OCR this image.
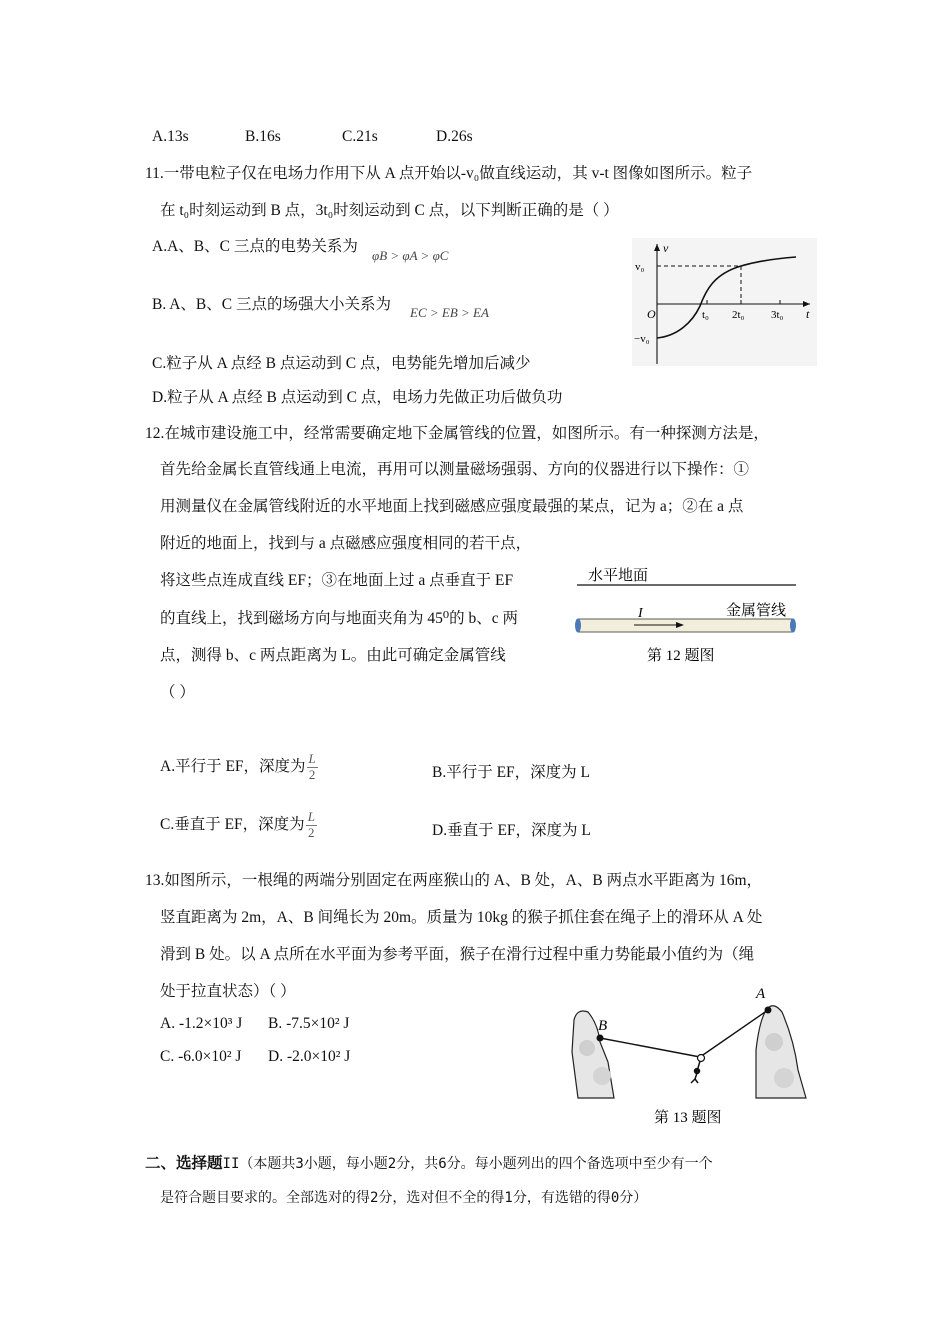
A.13s	B.16s	C.21s	D.26s
11.一带电粒子仅在电场力作用下从 A 点开始以-v₀做直线运动，其 v-t 图像如图所示。粒子
在 t₀时刻运动到 B 点，3t₀时刻运动到 C 点，以下判断正确的是（ ）
A.A、B、C 三点的电势关系为
φB > φA > φC
B. A、B、C 三点的场强大小关系为 EC > EB > EA
C.粒子从 A 点经 B 点运动到 C 点，电势能先增加后减少
D.粒子从 A 点经 B 点运动到 C 点，电场力先做正功后做负功
v
v₀
−v₀
O	t₀ 2t₀ 3t₀ t
12.在城市建设施工中，经常需要确定地下金属管线的位置，如图所示。有一种探测方法是，
首先给金属长直管线通上电流，再用可以测量磁场强弱、方向的仪器进行以下操作：①
用测量仪在金属管线附近的水平地面上找到磁感应强度最强的某点，记为 a；②在 a 点
附近的地面上，找到与 a 点磁感应强度相同的若干点，
将这些点连成直线 EF；③在地面上过 a 点垂直于 EF
的直线上，找到磁场方向与地面夹角为 45⁰的 b、c 两
点，测得 b、c 两点距离为 L。由此可确定金属管线
（ ）
水平地面
I	金属管线
第 12 题图
A.平行于 EF，深度为 $\frac{L}{2}$	B.平行于 EF，深度为 L
C.垂直于 EF，深度为 $\frac{L}{2}$	D.垂直于 EF，深度为 L
13.如图所示，一根绳的两端分别固定在两座猴山的 A、B 处，A、B 两点水平距离为 16m，
竖直距离为 2m，A、B 间绳长为 20m。质量为 10kg 的猴子抓住套在绳子上的滑环从 A 处
滑到 B 处。以 A 点所在水平面为参考平面，猴子在滑行过程中重力势能最小值约为（绳
处于拉直状态）（ ）
A. -1.2×10³ J B. -7.5×10² J
C. -6.0×10² J D. -2.0×10² J
B
A
第 13 题图
二、选择题II（本题共3小题，每小题2分，共6分。每小题列出的四个备选项中至少有一个
是符合题目要求的。全部选对的得2分，选对但不全的得1分，有选错的得0分）
